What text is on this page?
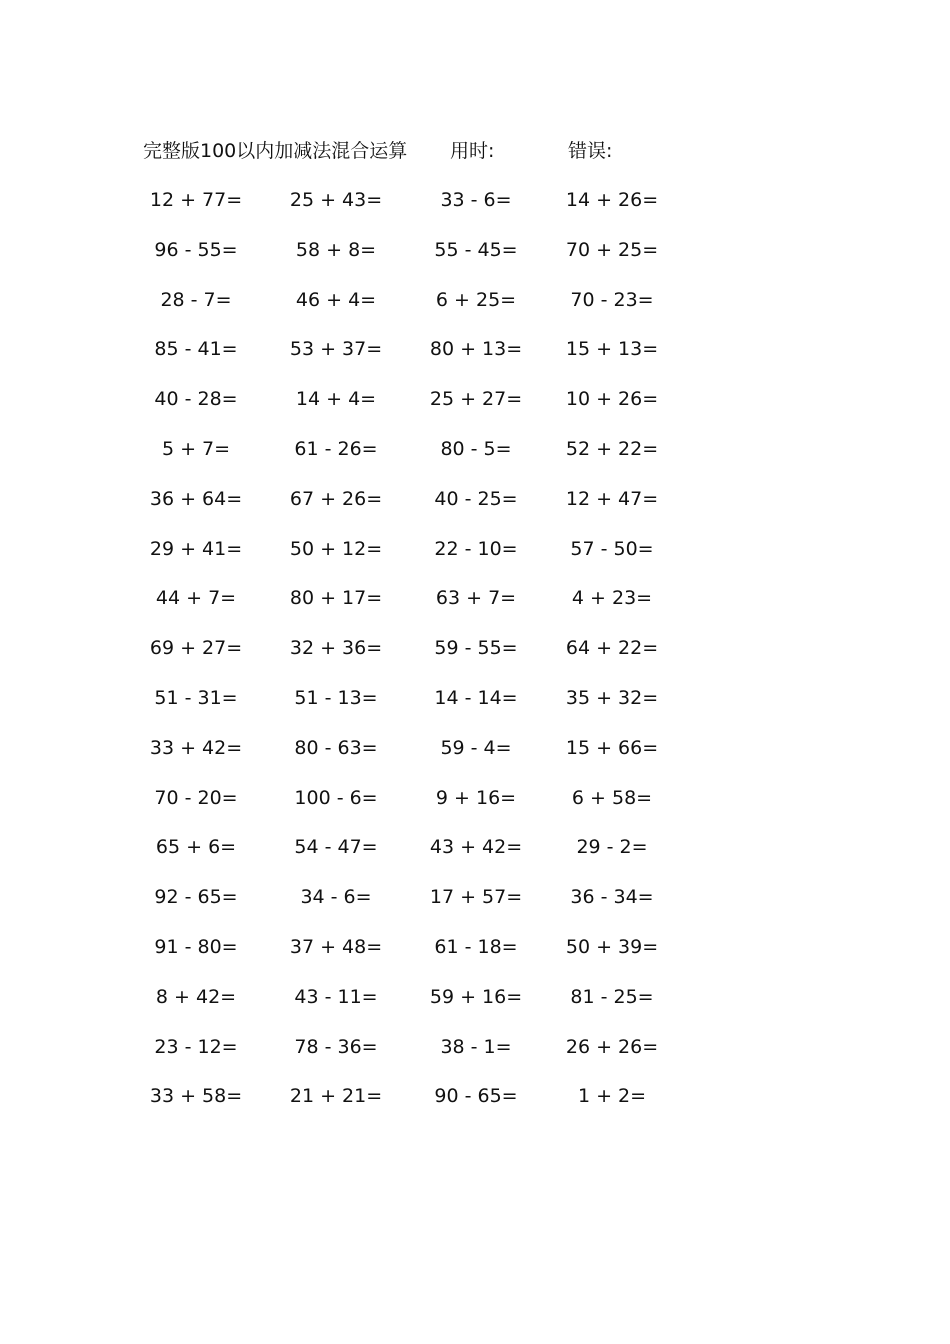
完整版100以内加减法混合运算 用时:	错误:
12 + 77=	25 + 43=	33 - 6=	14 + 26=
96 - 55=	58 + 8=	55 - 45=	70 + 25=
28 - 7=	46 + 4=	6 + 25=	70 - 23=
85 - 41=	53 + 37=	80 + 13=	15 + 13=
40 - 28=	14 + 4=	25 + 27=	10 + 26=
5 + 7=	61 - 26=	80 - 5=	52 + 22=
36 + 64=	67 + 26=	40 - 25=	12 + 47=
29 + 41=	50 + 12=	22 - 10=	57 - 50=
44 + 7=	80 + 17=	63 + 7=	4 + 23=
69 + 27=	32 + 36=	59 - 55=	64 + 22=
51 - 31=	51 - 13=	14 - 14=	35 + 32=
33 + 42=	80 - 63=	59 - 4=	15 + 66=
70 - 20=	100 - 6=	9 + 16=	6 + 58=
65 + 6=	54 - 47=	43 + 42=	29 - 2=
92 - 65=	34 - 6=	17 + 57=	36 - 34=
91 - 80=	37 + 48=	61 - 18=	50 + 39=
8 + 42=	43 - 11=	59 + 16=	81 - 25=
23 - 12=	78 - 36=	38 - 1=	26 + 26=
33 + 58=	21 + 21=	90 - 65=	1 + 2=
